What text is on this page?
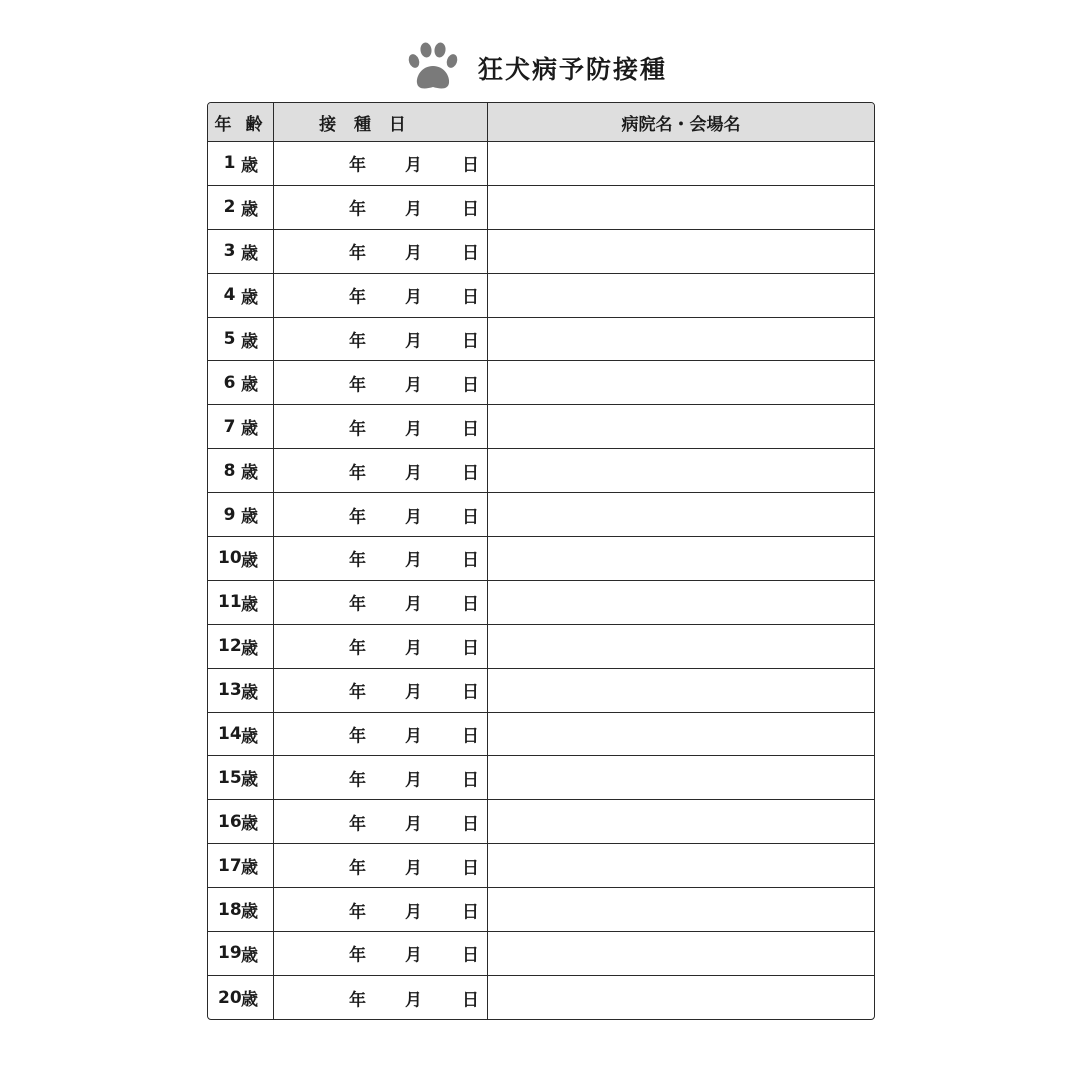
狂犬病予防接種
年 齢	接 種 日	病院名・会場名
1 歳	年 月 日
2 歳	年 月 日
3 歳	年 月 日
4 歳	年 月 日
5 歳	年 月 日
6 歳	年 月 日
7 歳	年 月 日
8 歳	年 月 日
9 歳	年 月 日
10 歳	年 月 日
11 歳	年 月 日
12 歳	年 月 日
13 歳	年 月 日
14 歳	年 月 日
15 歳	年 月 日
16 歳	年 月 日
17 歳	年 月 日
18 歳	年 月 日
19 歳	年 月 日
20 歳	年 月 日
